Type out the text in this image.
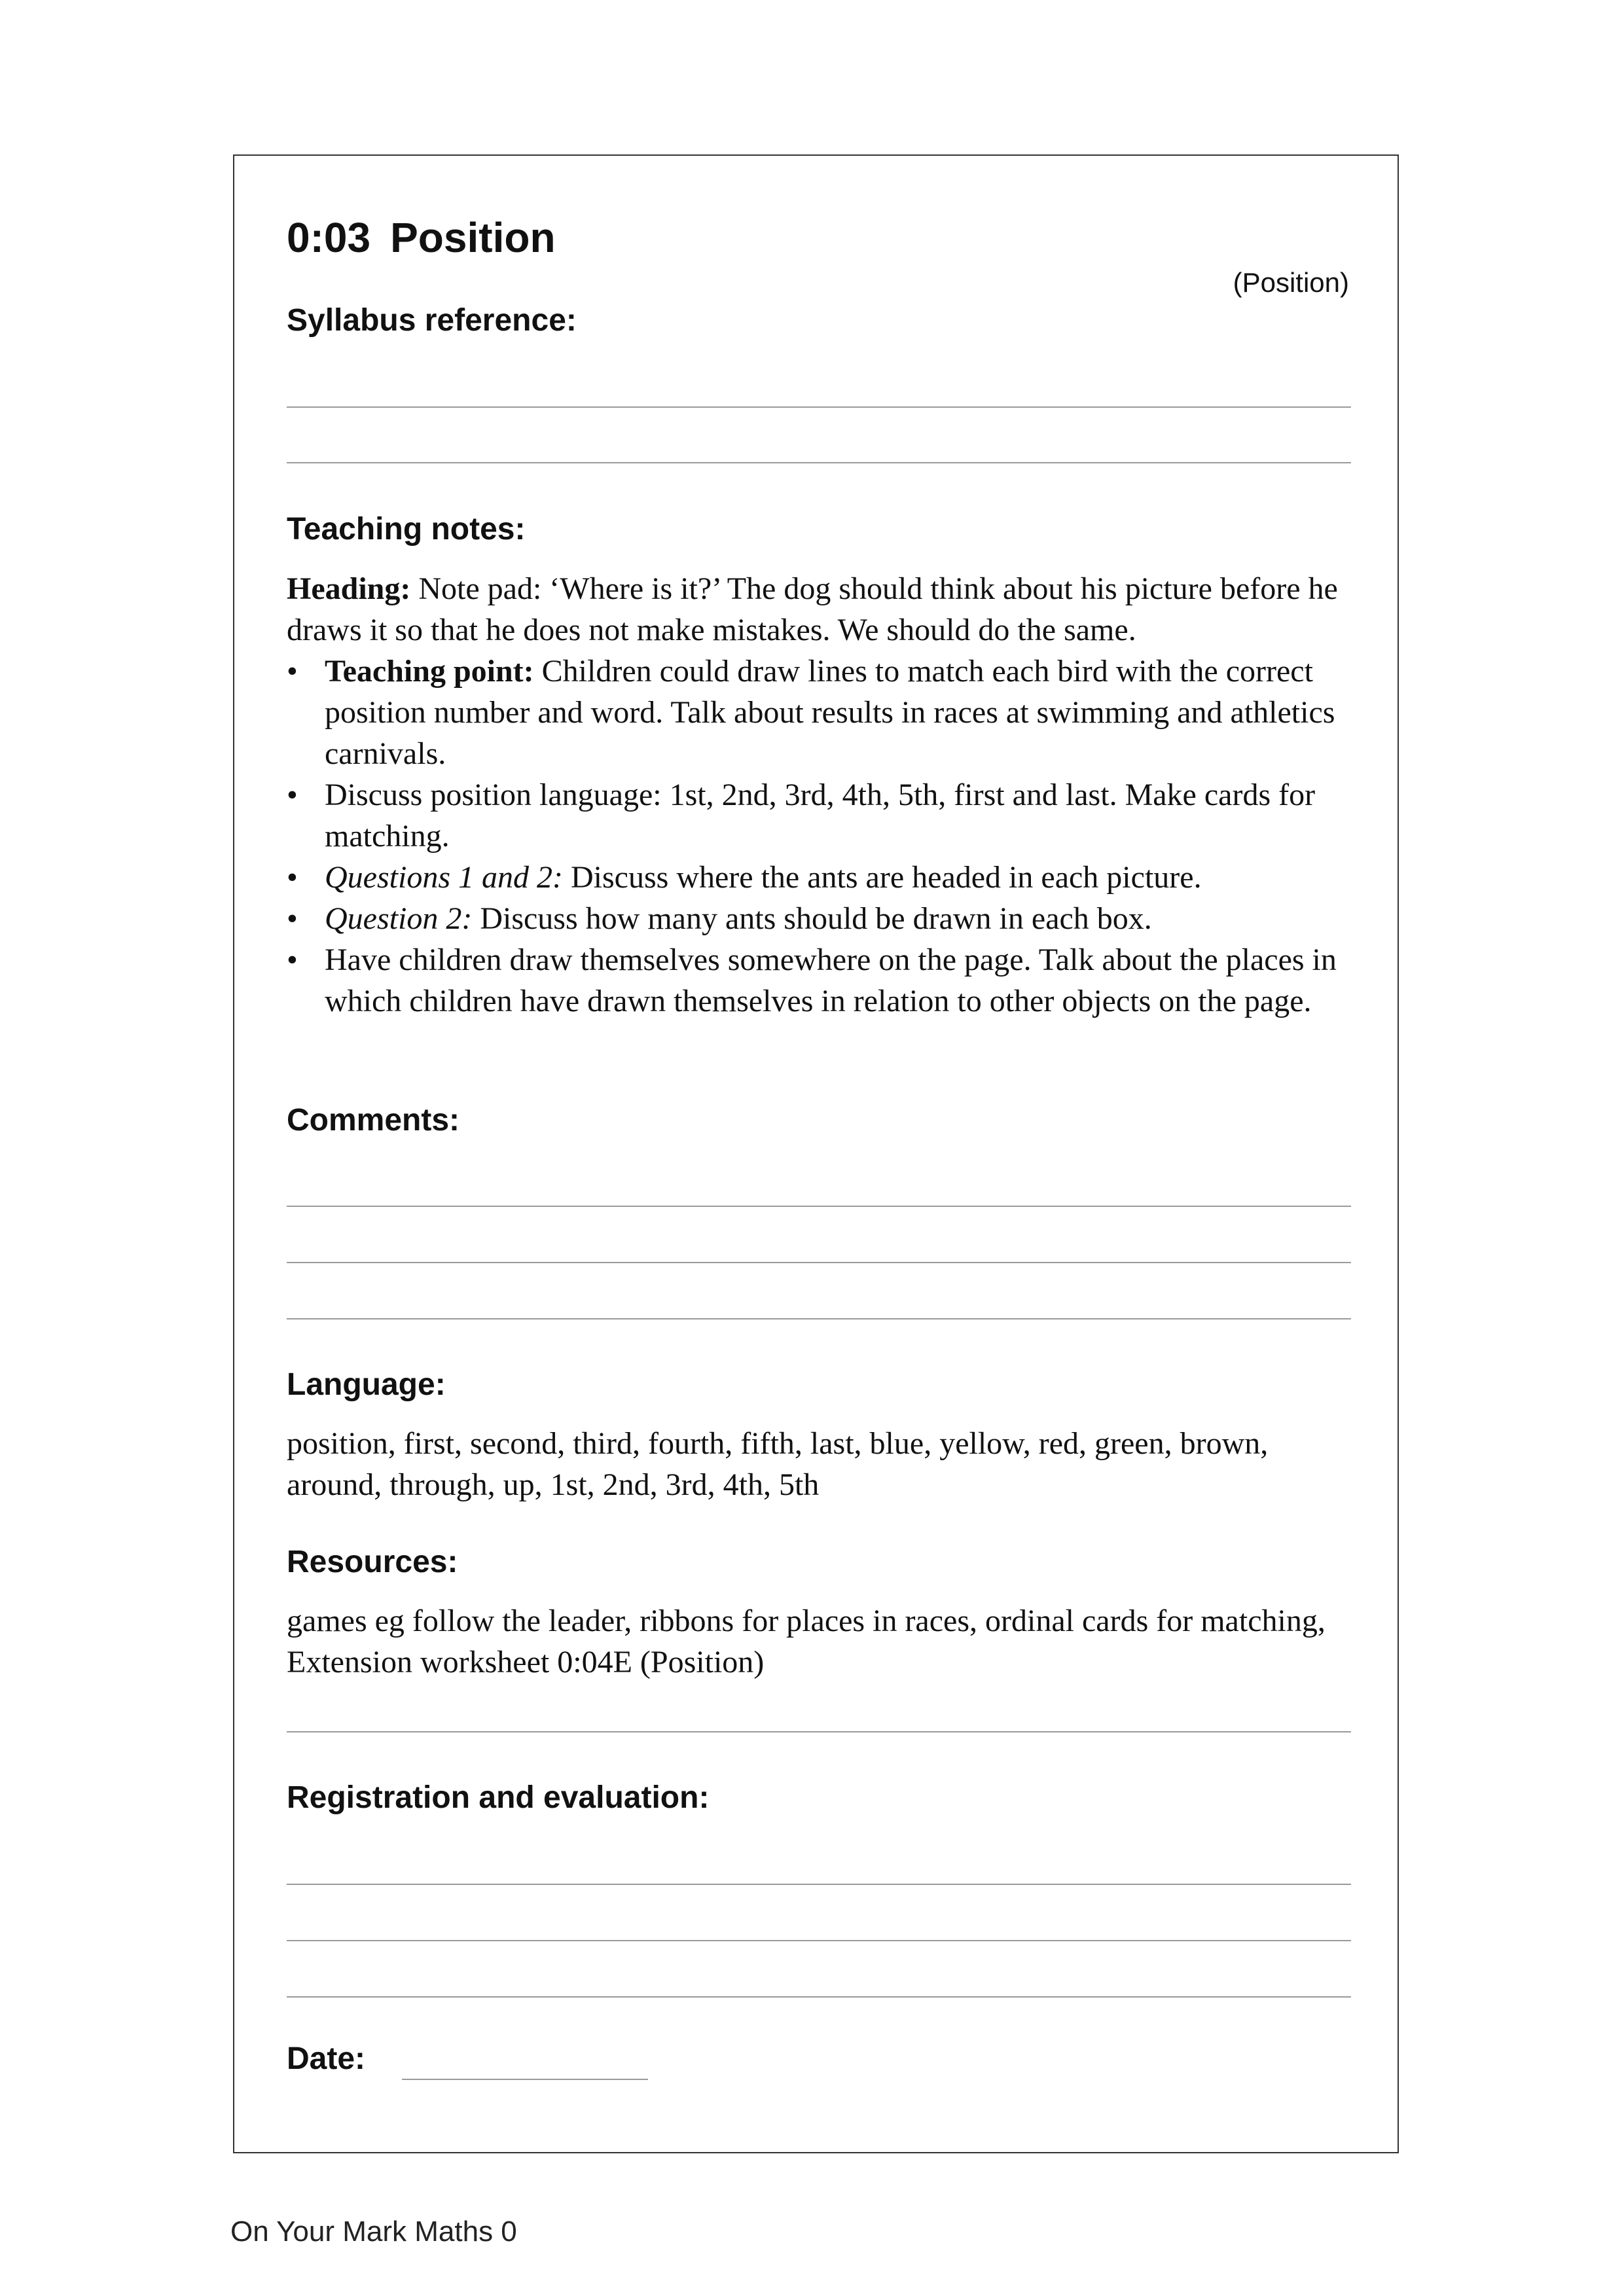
0:03 Position
(Position)
Syllabus reference:
Teaching notes:

Heading: Note pad: ‘Where is it?’ The dog should think about his picture before he draws it so that he does not make mistakes. We should do the same.

• Teaching point: Children could draw lines to match each bird with the correct position number and word. Talk about results in races at swimming and athletics carnivals.
• Discuss position language: 1st, 2nd, 3rd, 4th, 5th, first and last. Make cards for matching.
• Questions 1 and 2: Discuss where the ants are headed in each picture.
• Question 2: Discuss how many ants should be drawn in each box.
• Have children draw themselves somewhere on the page. Talk about the places in which children have drawn themselves in relation to other objects on the page.
Comments:
Language:

position, first, second, third, fourth, fifth, last, blue, yellow, red, green, brown, around, through, up, 1st, 2nd, 3rd, 4th, 5th

Resources:

games eg follow the leader, ribbons for places in races, ordinal cards for matching, Extension worksheet 0:04E (Position)

Registration and evaluation:
Date:
On Your Mark Maths 0
